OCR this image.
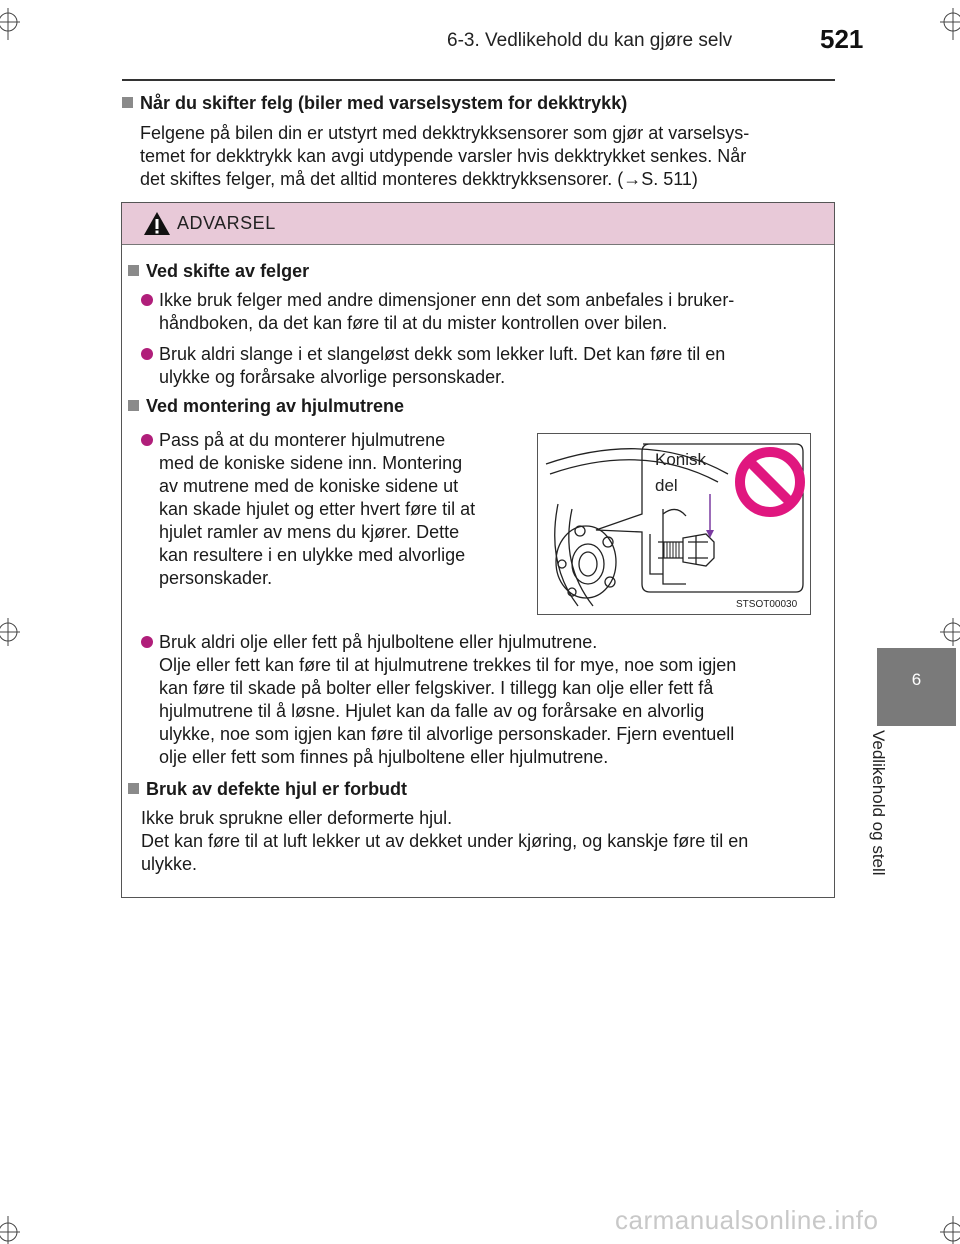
6-3. Vedlikehold du kan gjøre selv	521
6
Vedlikehold og stell
Når du skifter felg (biler med varselsystem for dekktrykk)
Felgene på bilen din er utstyrt med dekktrykksensorer som gjør at varselsys-
temet for dekktrykk kan avgi utdypende varsler hvis dekktrykket senkes. Når
det skiftes felger, må det alltid monteres dekktrykksensorer. (→S. 511)
ADVARSEL
Ved skifte av felger
Ikke bruk felger med andre dimensjoner enn det som anbefales i bruker-
håndboken, da det kan føre til at du mister kontrollen over bilen.
Bruk aldri slange i et slangeløst dekk som lekker luft. Det kan føre til en
ulykke og forårsake alvorlige personskader.
Ved montering av hjulmutrene
Pass på at du monterer hjulmutrene
med de koniske sidene inn. Montering
av mutrene med de koniske sidene ut
kan skade hjulet og etter hvert føre til at
hjulet ramler av mens du kjører. Dette
kan resultere i en ulykke med alvorlige
personskader.
Bruk aldri olje eller fett på hjulboltene eller hjulmutrene.
Olje eller fett kan føre til at hjulmutrene trekkes til for mye, noe som igjen
kan føre til skade på bolter eller felgskiver. I tillegg kan olje eller fett få
hjulmutrene til å løsne. Hjulet kan da falle av og forårsake en alvorlig
ulykke, noe som igjen kan føre til alvorlige personskader. Fjern eventuell
olje eller fett som finnes på hjulboltene eller hjulmutrene.
Bruk av defekte hjul er forbudt
Ikke bruk sprukne eller deformerte hjul.
Det kan føre til at luft lekker ut av dekket under kjøring, og kanskje føre til en
ulykke.
Konisk
del
STSOT00030
carmanualsonline.info
